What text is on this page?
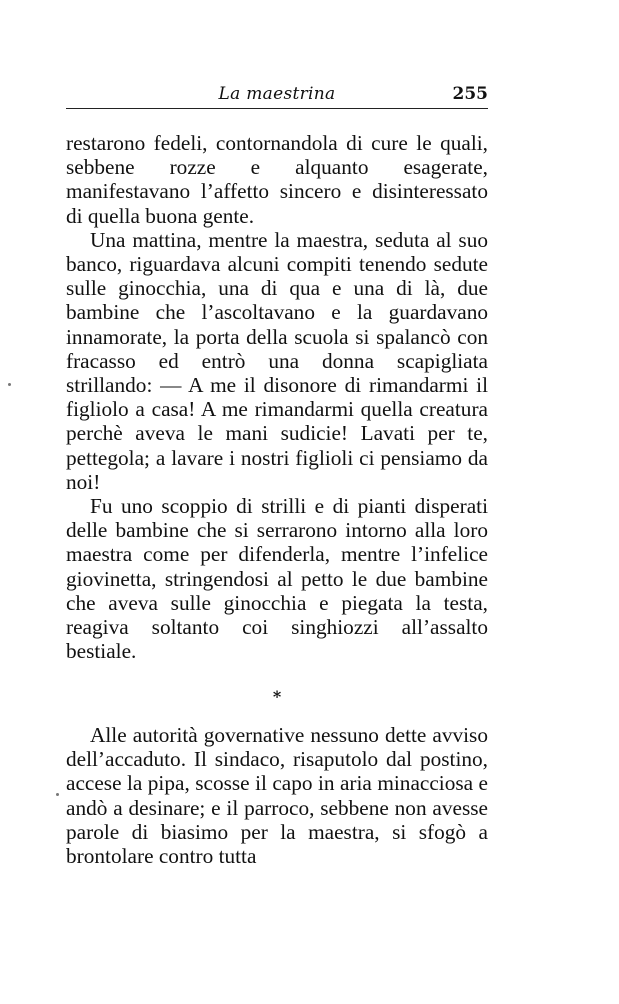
La maestrina	255

restarono fedeli, contornandola di cure le quali, sebbene rozze e alquanto esagerate, manifestavano l’affetto sincero e disinteressato di quella buona gente.

Una mattina, mentre la maestra, seduta al suo banco, riguardava alcuni compiti tenendo sedute sulle ginocchia, una di qua e una di là, due bambine che l’ascoltavano e la guardavano innamorate, la porta della scuola si spalancò con fracasso ed entrò una donna scapigliata strillando: — A me il disonore di rimandarmi il figliolo a casa! A me rimandarmi quella creatura perchè aveva le mani sudicie! Lavati per te, pettegola; a lavare i nostri figlioli ci pensiamo da noi!

Fu uno scoppio di strilli e di pianti disperati delle bambine che si serrarono intorno alla loro maestra come per difenderla, mentre l’infelice giovinetta, stringendosi al petto le due bambine che aveva sulle ginocchia e piegata la testa, reagiva soltanto coi singhiozzi all’assalto bestiale.

*

Alle autorità governative nessuno dette avviso dell’accaduto. Il sindaco, risaputolo dal postino, accese la pipa, scosse il capo in aria minacciosa e andò a desinare; e il parroco, sebbene non avesse parole di biasimo per la maestra, si sfogò a brontolare contro tutta
